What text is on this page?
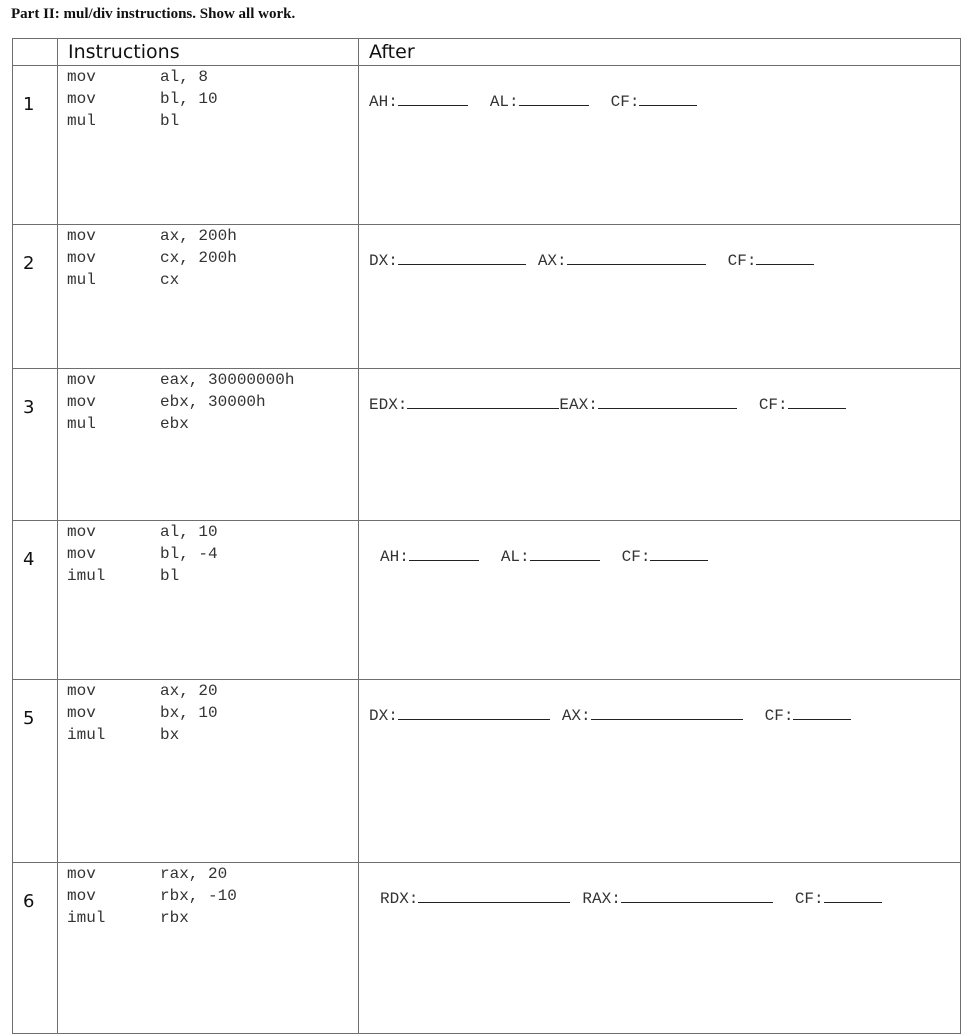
Part II: mul/div instructions. Show all work.

	Instructions	After

1	mov al, 8
mov bl, 10
mul bl	AH: AL: CF:

2	mov ax, 200h
mov cx, 200h
mul cx	DX: AX: CF:

3	mov eax, 30000000h
mov ebx, 30000h
mul ebx	EDX: EAX: CF:

4	mov al, 10
mov bl, -4
imul bl	AH: AL: CF:

5	mov ax, 20
mov bx, 10
imul bx	DX: AX: CF:

6	mov rax, 20
mov rbx, -10
imul rbx	RDX: RAX: CF:
